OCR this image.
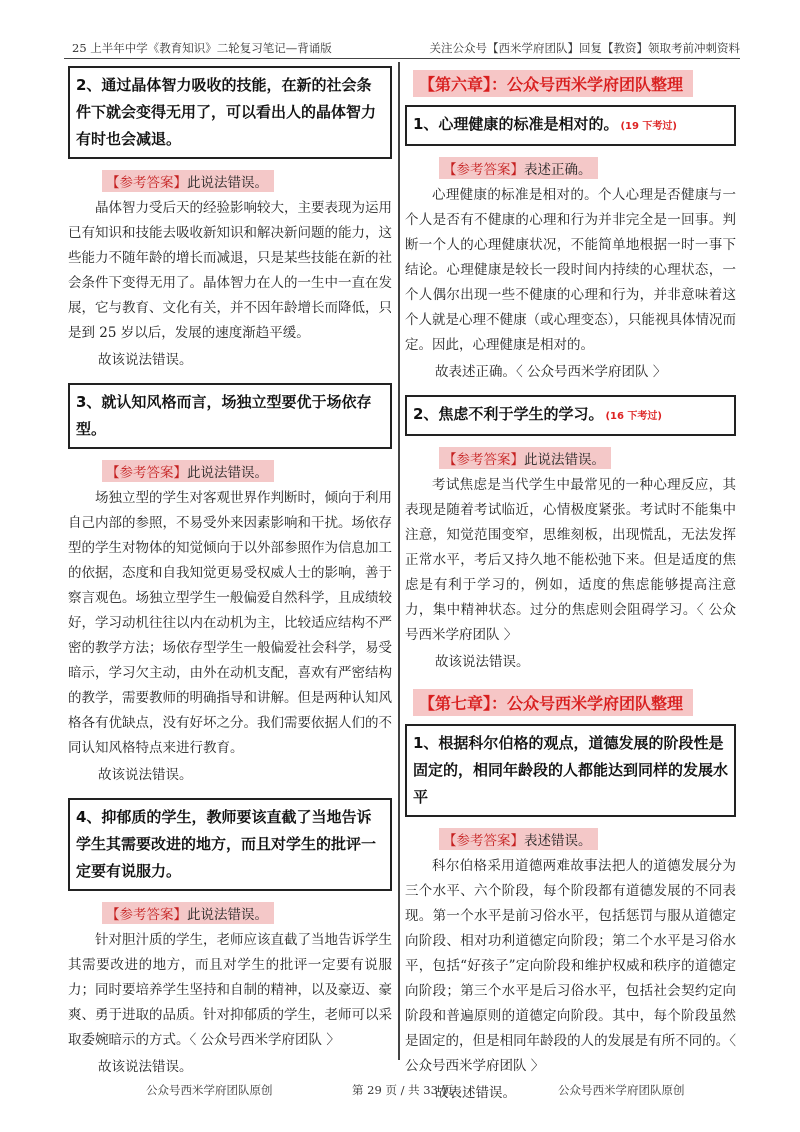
25 上半年中学《教育知识》二轮复习笔记—背诵版	关注公众号【西米学府团队】回复【教资】领取考前冲刺资料
2、通过晶体智力吸收的技能，在新的社会条件下就会变得无用了，可以看出人的晶体智力有时也会减退。
【参考答案】此说法错误。

晶体智力受后天的经验影响较大，主要表现为运用已有知识和技能去吸收新知识和解决新问题的能力，这些能力不随年龄的增长而减退，只是某些技能在新的社会条件下变得无用了。晶体智力在人的一生中一直在发展，它与教育、文化有关，并不因年龄增长而降低，只是到 25 岁以后，发展的速度渐趋平缓。

故该说法错误。
3、就认知风格而言，场独立型要优于场依存型。
【参考答案】此说法错误。

场独立型的学生对客观世界作判断时，倾向于利用自己内部的参照，不易受外来因素影响和干扰。场依存型的学生对物体的知觉倾向于以外部参照作为信息加工的依据，态度和自我知觉更易受权威人士的影响，善于察言观色。场独立型学生一般偏爱自然科学，且成绩较好，学习动机往往以内在动机为主，比较适应结构不严密的教学方法；场依存型学生一般偏爱社会科学，易受暗示，学习欠主动，由外在动机支配，喜欢有严密结构的教学，需要教师的明确指导和讲解。但是两种认知风格各有优缺点，没有好坏之分。我们需要依据人们的不同认知风格特点来进行教育。

故该说法错误。
4、抑郁质的学生，教师要该直截了当地告诉学生其需要改进的地方，而且对学生的批评一定要有说服力。
【参考答案】此说法错误。

针对胆汁质的学生，老师应该直截了当地告诉学生其需要改进的地方，而且对学生的批评一定要有说服力；同时要培养学生坚持和自制的精神，以及豪迈、豪爽、勇于进取的品质。针对抑郁质的学生，老师可以采取委婉暗示的方式。〈 公众号西米学府团队 〉

故该说法错误。
【第六章】：公众号西米学府团队整理
1、心理健康的标准是相对的。 (19 下考过)
【参考答案】表述正确。

心理健康的标准是相对的。个人心理是否健康与一个人是否有不健康的心理和行为并非完全是一回事。判断一个人的心理健康状况，不能简单地根据一时一事下结论。心理健康是较长一段时间内持续的心理状态，一个人偶尔出现一些不健康的心理和行为，并非意味着这个人就是心理不健康（或心理变态），只能视具体情况而定。因此，心理健康是相对的。

故表述正确。〈 公众号西米学府团队 〉
2、焦虑不利于学生的学习。 (16 下考过)
【参考答案】此说法错误。

考试焦虑是当代学生中最常见的一种心理反应，其表现是随着考试临近，心情极度紧张。考试时不能集中注意，知觉范围变窄，思维刻板，出现慌乱，无法发挥正常水平，考后又持久地不能松弛下来。但是适度的焦虑是有利于学习的，例如，适度的焦虑能够提高注意力，集中精神状态。过分的焦虑则会阻碍学习。〈 公众号西米学府团队 〉

故该说法错误。
【第七章】：公众号西米学府团队整理
1、根据科尔伯格的观点，道德发展的阶段性是固定的，相同年龄段的人都能达到同样的发展水平
【参考答案】表述错误。

科尔伯格采用道德两难故事法把人的道德发展分为三个水平、六个阶段，每个阶段都有道德发展的不同表现。第一个水平是前习俗水平，包括惩罚与服从道德定向阶段、相对功利道德定向阶段；第二个水平是习俗水平，包括“好孩子”定向阶段和维护权威和秩序的道德定向阶段；第三个水平是后习俗水平，包括社会契约定向阶段和普遍原则的道德定向阶段。其中，每个阶段虽然是固定的，但是相同年龄段的人的发展是有所不同的。〈 公众号西米学府团队 〉

故表述错误。
公众号西米学府团队原创	第 29 页 / 共 33 页	公众号西米学府团队原创
